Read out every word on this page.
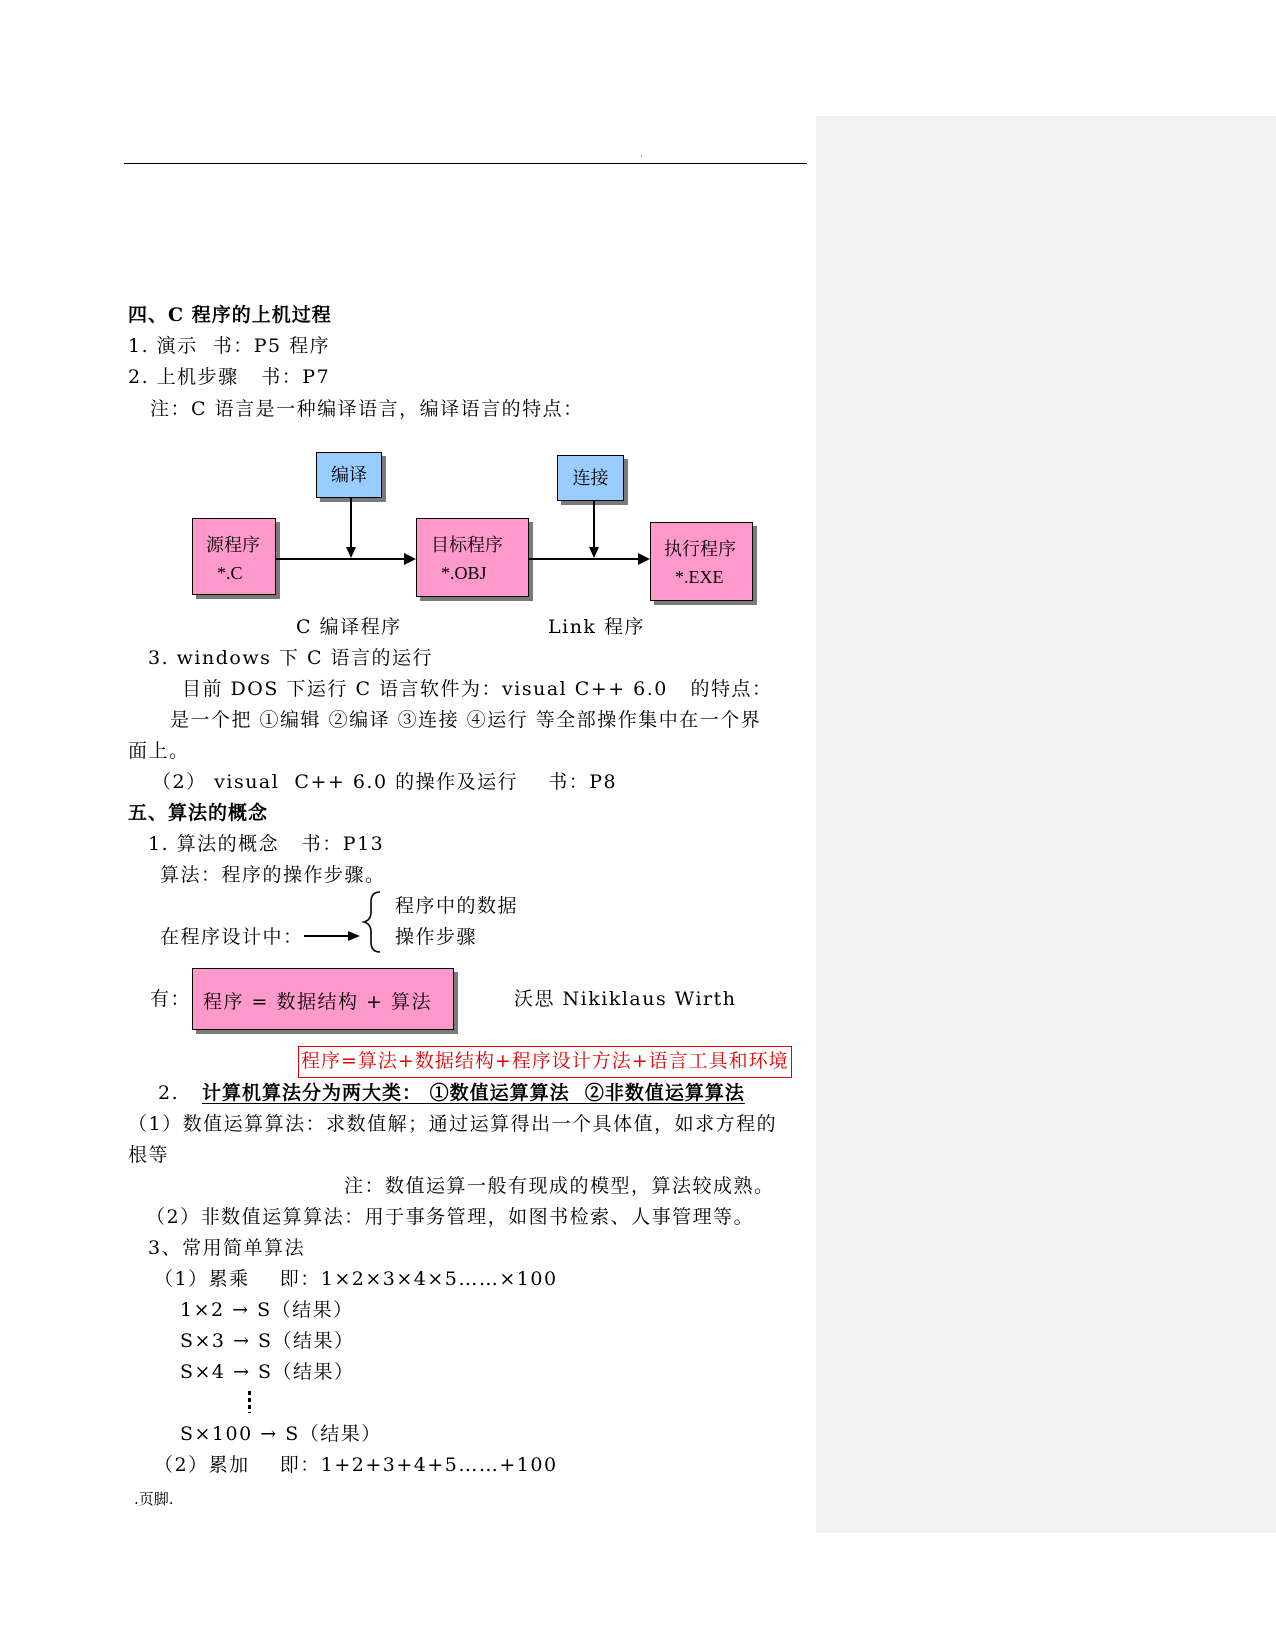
.
四、C 程序的上机过程
1. 演示  书：P5 程序
2. 上机步骤   书：P7
注：C 语言是一种编译语言，编译语言的特点：
编译	连接
源程序
*.C
目标程序
*.OBJ
执行程序
*.EXE
C 编译程序	Link 程序
3. windows 下 C 语言的运行
目前 DOS 下运行 C 语言软件为：visual C++ 6.0   的特点：
是一个把 ①编辑 ②编译 ③连接 ④运行 等全部操作集中在一个界
面上。
（2） visual  C++ 6.0 的操作及运行    书：P8
五、算法的概念
1. 算法的概念   书：P13
算法：程序的操作步骤。
程序中的数据
操作步骤
在程序设计中：
有： 程序 = 数据结构 + 算法	沃思 Nikiklaus Wirth
程序=算法+数据结构+程序设计方法+语言工具和环境
2.	计算机算法分为两大类： ①数值运算算法  ②非数值运算算法
（1）数值运算算法：求数值解；通过运算得出一个具体值，如求方程的
根等
注：数值运算一般有现成的模型，算法较成熟。
（2）非数值运算算法：用于事务管理，如图书检索、人事管理等。
3、常用简单算法
（1）累乘    即：1×2×3×4×5……×100
1×2 → S（结果）
S×3 → S（结果）
S×4 → S（结果）
S×100 → S（结果）
（2）累加    即：1+2+3+4+5……+100
.页脚.
